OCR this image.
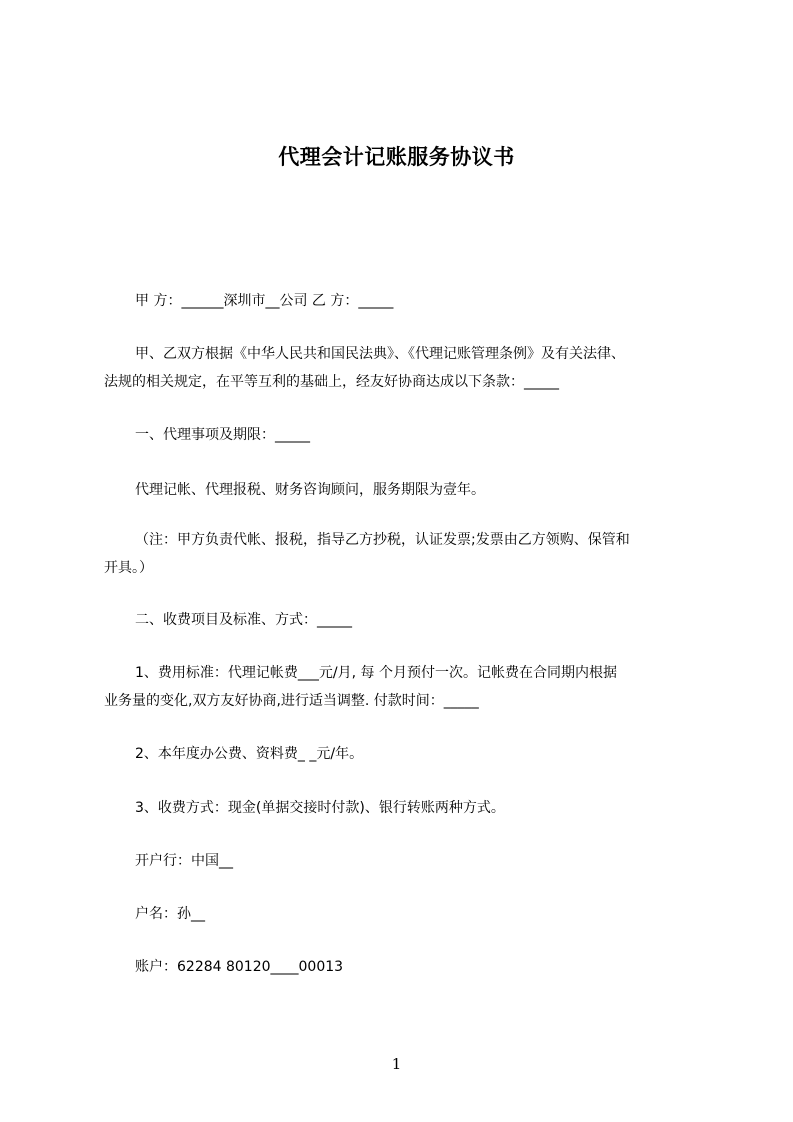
代理会计记账服务协议书
甲 方：______深圳市__公司 乙 方：_____
甲、乙双方根据《中华人民共和国民法典》、《代理记账管理条例》及有关法律、
法规的相关规定，在平等互利的基础上，经友好协商达成以下条款：_____
一、代理事项及期限：_____
代理记帐、代理报税、财务咨询顾问，服务期限为壹年。
（注：甲方负责代帐、报税，指导乙方抄税，认证发票;发票由乙方领购、保管和
开具。）
二、收费项目及标准、方式：_____
1、费用标准：代理记帐费___元/月, 每 个月预付一次。记帐费在合同期内根据
业务量的变化,双方友好协商,进行适当调整. 付款时间：_____
2、本年度办公费、资料费_ _元/年。
3、收费方式：现金(单据交接时付款)、银行转账两种方式。
开户行：中国__
户名：孙__
账户：62284 80120____00013
1
